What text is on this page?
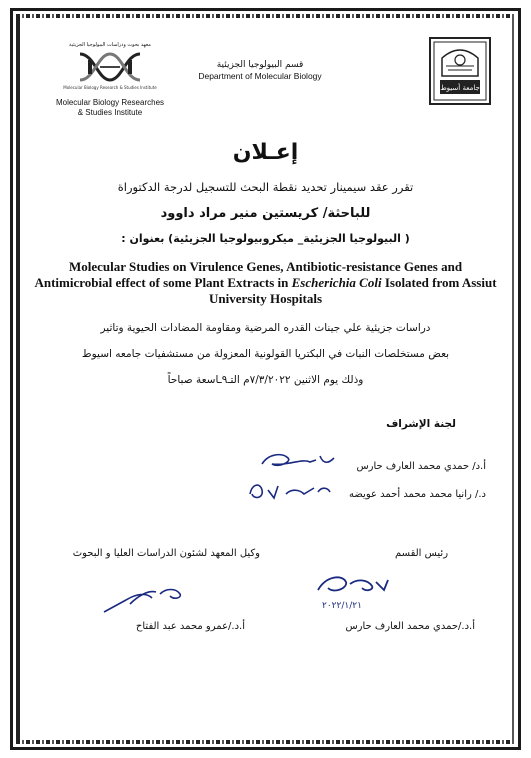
معهد بحوث ودراسات البيولوجيا الجزيئية
Molecular Biology Research & Studies Institute
Molecular Biology Researches
& Studies Institute
قسم البيولوجيا الجزيئية
Department of Molecular Biology
جامعة أسيوط
إعـلان
تقرر عقد سيمينار تحديد نقطة البحث للتسجيل لدرجة الدكتوراة
للباحثة/ كريستين منير مراد داوود
( البيولوجيا الجزيئية_ ميكروبيولوجيا الجزيئية) بعنوان :
Molecular Studies on Virulence Genes, Antibiotic-resistance Genes and Antimicrobial effect of some Plant Extracts in Escherichia Coli Isolated from Assiut University Hospitals
دراسات جزيئية علي جينات القدره المرضية ومقاومة المضادات الحيوية وتاثير
بعض مستخلصات النبات في البكتريا القولونية المعزولة من مستشفيات جامعه اسيوط
وذلك يوم الاثنين ٧/٣/٢٠٢٢م التـ٩ـاسعة صباحاً
لجنة الإشراف
أ.د/ حمدي محمد العارف حارس
د./ رانيا محمد محمد أحمد عويضه
رئيس القسم
وكيل المعهد لشئون الدراسات العليا و البحوث
٢٠٢٢/١/٢١
أ.د./حمدي محمد العارف حارس
أ.د./عمرو محمد عبد الفتاح
